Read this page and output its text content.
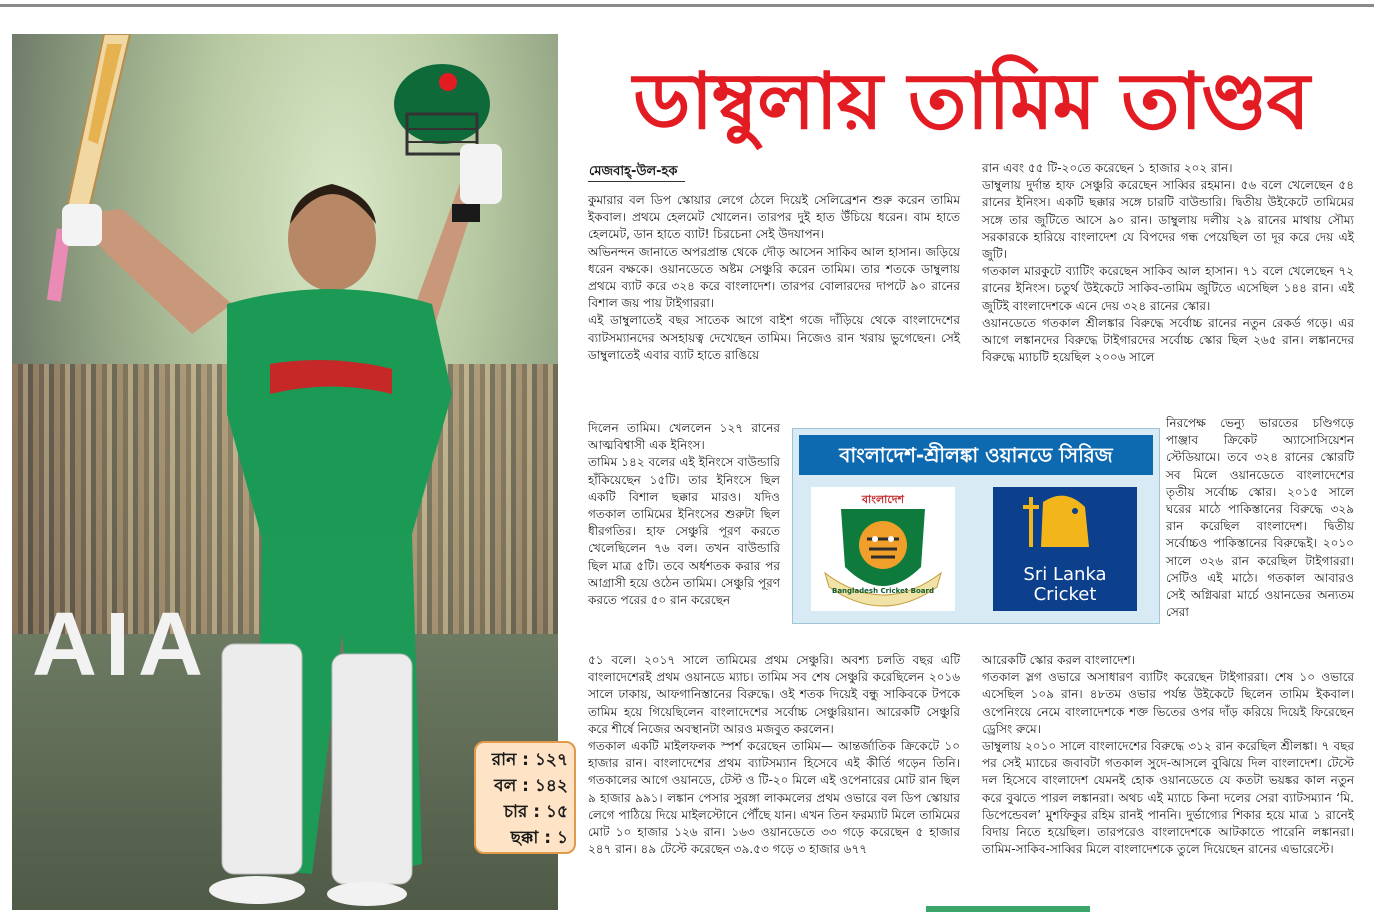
AIA
রান : ১২৭
বল : ১৪২
চার : ১৫
ছক্কা : ১
ডাম্বুলায় তামিম তাণ্ডব
মেজবাহ্-উল-হক

কুমারার বল ডিপ স্কোয়ার লেগে ঠেলে দিয়েই সেলিব্রেশন শুরু করেন তামিম ইকবাল। প্রথমে হেলমেট খোলেন। তারপর দুই হাত উঁচিয়ে ধরেন। বাম হাতে হেলমেট, ডান হাতে ব্যাট! চিরচেনা সেই উদযাপন।

অভিনন্দন জানাতে অপরপ্রান্ত থেকে দৌড় আসেন সাকিব আল হাসান। জড়িয়ে ধরেন বক্ষকে। ওয়ানডেতে অষ্টম সেঞ্চুরি করেন তামিম। তার শতকে ডাম্বুলায় প্রথমে ব্যাট করে ৩২৪ করে বাংলাদেশ। তারপর বোলারদের দাপটে ৯০ রানের বিশাল জয় পায় টাইগাররা।

এই ডাম্বুলাতেই বছর সাতেক আগে বাইশ গজে দাঁড়িয়ে থেকে বাংলাদেশের ব্যাটসম্যানদের অসহায়ত্ব দেখেছেন তামিম। নিজেও রান খরায় ভুগেছেন। সেই ডাম্বুলাতেই এবার ব্যাট হাতে রাঙিয়ে

দিলেন তামিম। খেললেন ১২৭ রানের আত্মবিশ্বাসী এক ইনিংস।

তামিম ১৪২ বলের এই ইনিংসে বাউন্ডারি হাঁকিয়েছেন ১৫টি। তার ইনিংসে ছিল একটি বিশাল ছক্কার মারও। যদিও গতকাল তামিমের ইনিংসের শুরুটা ছিল ধীরগতির। হাফ সেঞ্চুরি পূরণ করতে খেলেছিলেন ৭৬ বল। তখন বাউন্ডারি ছিল মাত্র ৫টি। তবে অর্ধশতক করার পর আগ্রাসী হয়ে ওঠেন তামিম। সেঞ্চুরি পূরণ করতে পরের ৫০ রান করেছেন

৫১ বলে। ২০১৭ সালে তামিমের প্রথম সেঞ্চুরি। অবশ্য চলতি বছর এটি বাংলাদেশেরই প্রথম ওয়ানডে ম্যাচ। তামিম সব শেষ সেঞ্চুরি করেছিলেন ২০১৬ সালে ঢাকায়, আফগানিস্তানের বিরুদ্ধে। ওই শতক দিয়েই বন্ধু সাকিবকে টপকে তামিম হয়ে গিয়েছিলেন বাংলাদেশের সর্বোচ্চ সেঞ্চুরিয়ান। আরেকটি সেঞ্চুরি করে শীর্ষে নিজের অবস্থানটা আরও মজবুত করলেন।

গতকাল একটি মাইলফলক স্পর্শ করেছেন তামিম— আন্তর্জাতিক ক্রিকেটে ১০ হাজার রান। বাংলাদেশের প্রথম ব্যাটসম্যান হিসেবে এই কীর্তি গড়েন তিনি। গতকালের আগে ওয়ানডে, টেস্ট ও টি-২০ মিলে এই ওপেনারের মোট রান ছিল ৯ হাজার ৯৯১। লঙ্কান পেসার সুরঙ্গা লাকমলের প্রথম ওভারে বল ডিপ স্কোয়ার লেগে পাঠিয়ে দিয়ে মাইলস্টোনে পৌঁছে যান। এখন তিন ফরম্যাট মিলে তামিমের মোট ১০ হাজার ১২৬ রান। ১৬৩ ওয়ানডেতে ৩৩ গড়ে করেছেন ৫ হাজার ২৪৭ রান। ৪৯ টেস্টে করেছেন ৩৯.৫৩ গড়ে ৩ হাজার ৬৭৭

রান এবং ৫৫ টি-২০তে করেছেন ১ হাজার ২০২ রান।

ডাম্বুলায় দুর্দান্ত হাফ সেঞ্চুরি করেছেন সাব্বির রহমান। ৫৬ বলে খেলেছেন ৫৪ রানের ইনিংস। একটি ছক্কার সঙ্গে চারটি বাউন্ডারি। দ্বিতীয় উইকেটে তামিমের সঙ্গে তার জুটিতে আসে ৯০ রান। ডাম্বুলায় দলীয় ২৯ রানের মাথায় সৌম্য সরকারকে হারিয়ে বাংলাদেশ যে বিপদের গন্ধ পেয়েছিল তা দূর করে দেয় এই জুটি।

গতকাল মারকুটে ব্যাটিং করেছেন সাকিব আল হাসান। ৭১ বলে খেলেছেন ৭২ রানের ইনিংস। চতুর্থ উইকেটে সাকিব-তামিম জুটিতে এসেছিল ১৪৪ রান। এই জুটিই বাংলাদেশকে এনে দেয় ৩২৪ রানের স্কোর।

ওয়ানডেতে গতকাল শ্রীলঙ্কার বিরুদ্ধে সর্বোচ্চ রানের নতুন রেকর্ড গড়ে। এর আগে লঙ্কানদের বিরুদ্ধে টাইগারদের সর্বোচ্চ স্কোর ছিল ২৬৫ রান। লঙ্কানদের বিরুদ্ধে ম্যাচটি হয়েছিল ২০০৬ সালে

নিরপেক্ষ ভেন্যু ভারতের চণ্ডিগড়ে পাঞ্জাব ক্রিকেট অ্যাসোসিয়েশন স্টেডিয়ামে। তবে ৩২৪ রানের স্কোরটি সব মিলে ওয়ানডেতে বাংলাদেশের তৃতীয় সর্বোচ্চ স্কোর। ২০১৫ সালে ঘরের মাঠে পাকিস্তানের বিরুদ্ধে ৩২৯ রান করেছিল বাংলাদেশ। দ্বিতীয় সর্বোচ্চও পাকিস্তানের বিরুদ্ধেই। ২০১০ সালে ৩২৬ রান করেছিল টাইগাররা। সেটিও এই মাঠে। গতকাল আবারও সেই অগ্নিঝরা মার্চে ওয়ানডের অন্যতম সেরা

আরেকটি স্কোর করল বাংলাদেশ।

গতকাল স্লগ ওভারে অসাধারণ ব্যাটিং করেছেন টাইগাররা। শেষ ১০ ওভারে এসেছিল ১০৯ রান। ৪৮তম ওভার পর্যন্ত উইকেটে ছিলেন তামিম ইকবাল। ওপেনিংয়ে নেমে বাংলাদেশকে শক্ত ভিতের ওপর দাঁড় করিয়ে দিয়েই ফিরেছেন ড্রেসিং রুমে।

ডাম্বুলায় ২০১০ সালে বাংলাদেশের বিরুদ্ধে ৩১২ রান করেছিল শ্রীলঙ্কা। ৭ বছর পর সেই ম্যাচের জবাবটা গতকাল সুদে-আসলে বুঝিয়ে দিল বাংলাদেশ। টেস্টে দল হিসেবে বাংলাদেশ যেমনই হোক ওয়ানডেতে যে কতটা ভয়ঙ্কর কাল নতুন করে বুঝতে পারল লঙ্কানরা। অথচ এই ম্যাচে কিনা দলের সেরা ব্যাটসম্যান ‘মি. ডিপেন্ডেবল’ মুশফিকুর রহিম রানই পাননি। দুর্ভাগ্যের শিকার হয়ে মাত্র ১ রানেই বিদায় নিতে হয়েছিল। তারপরেও বাংলাদেশকে আটকাতে পারেনি লঙ্কানরা। তামিম-সাকিব-সাব্বির মিলে বাংলাদেশকে তুলে দিয়েছেন রানের এভারেস্টে।

বাংলাদেশ-শ্রীলঙ্কা ওয়ানডে সিরিজ
বাংলাদেশ
Bangladesh Cricket Board
Sri Lanka
Cricket
